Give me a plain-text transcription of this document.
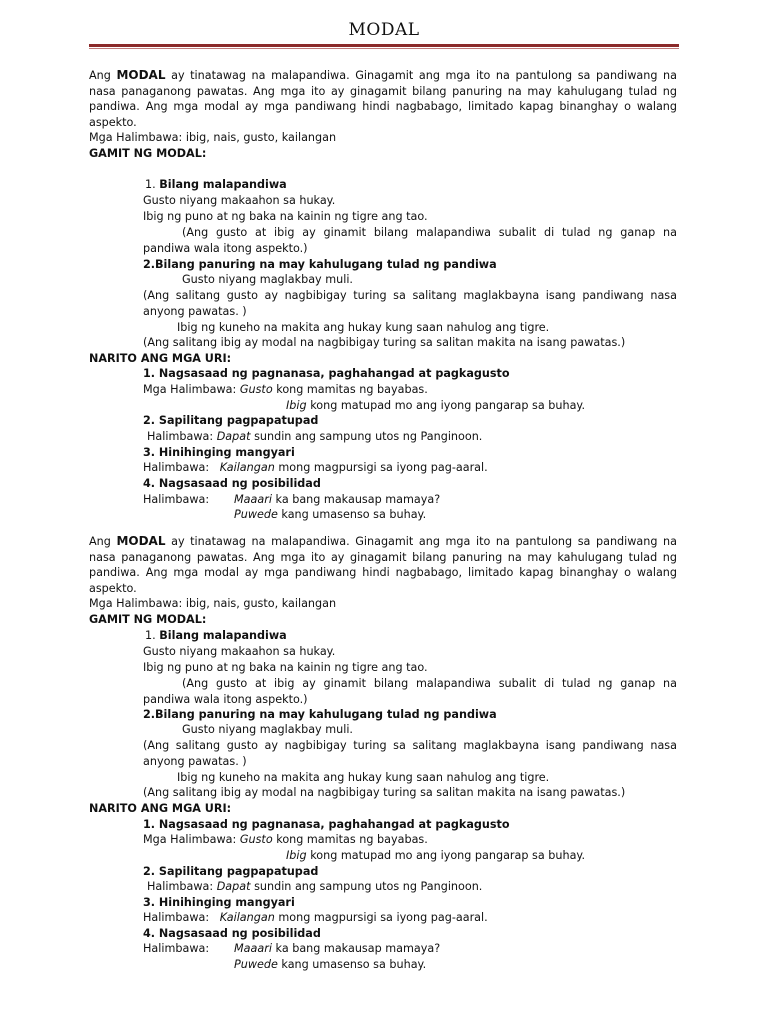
MODAL
Ang MODAL ay tinatawag na malapandiwa. Ginagamit ang mga ito na pantulong sa pandiwang na
nasa panaganong pawatas. Ang mga ito ay ginagamit bilang panuring na may kahulugang tulad ng
pandiwa. Ang mga modal ay mga pandiwang hindi nagbabago, limitado kapag binanghay o walang
aspekto.
Mga Halimbawa: ibig, nais, gusto, kailangan
GAMIT NG MODAL:
1. Bilang malapandiwa
Gusto niyang makaahon sa hukay.
Ibig ng puno at ng baka na kainin ng tigre ang tao.
(Ang gusto at ibig ay ginamit bilang malapandiwa subalit di tulad ng ganap na
pandiwa wala itong aspekto.)
2.Bilang panuring na may kahulugang tulad ng pandiwa
Gusto niyang maglakbay muli.
(Ang salitang gusto ay nagbibigay turing sa salitang maglakbayna isang pandiwang nasa
anyong pawatas. )
Ibig ng kuneho na makita ang hukay kung saan nahulog ang tigre.
(Ang salitang ibig ay modal na nagbibigay turing sa salitan makita na isang pawatas.)
NARITO ANG MGA URI:
1. Nagsasaad ng pagnanasa, paghahangad at pagkagusto
Mga Halimbawa: Gusto kong mamitas ng bayabas.
Ibig kong matupad mo ang iyong pangarap sa buhay.
2. Sapilitang pagpapatupad
Halimbawa: Dapat sundin ang sampung utos ng Panginoon.
3. Hinihinging mangyari
Halimbawa: Kailangan mong magpursigi sa iyong pag-aaral.
4. Nagsasaad ng posibilidad
Halimbawa: Maaari ka bang makausap mamaya?
Puwede kang umasenso sa buhay.
Ang MODAL ay tinatawag na malapandiwa. Ginagamit ang mga ito na pantulong sa pandiwang na
nasa panaganong pawatas. Ang mga ito ay ginagamit bilang panuring na may kahulugang tulad ng
pandiwa. Ang mga modal ay mga pandiwang hindi nagbabago, limitado kapag binanghay o walang
aspekto.
Mga Halimbawa: ibig, nais, gusto, kailangan
GAMIT NG MODAL:
1. Bilang malapandiwa
Gusto niyang makaahon sa hukay.
Ibig ng puno at ng baka na kainin ng tigre ang tao.
(Ang gusto at ibig ay ginamit bilang malapandiwa subalit di tulad ng ganap na
pandiwa wala itong aspekto.)
2.Bilang panuring na may kahulugang tulad ng pandiwa
Gusto niyang maglakbay muli.
(Ang salitang gusto ay nagbibigay turing sa salitang maglakbayna isang pandiwang nasa
anyong pawatas. )
Ibig ng kuneho na makita ang hukay kung saan nahulog ang tigre.
(Ang salitang ibig ay modal na nagbibigay turing sa salitan makita na isang pawatas.)
NARITO ANG MGA URI:
1. Nagsasaad ng pagnanasa, paghahangad at pagkagusto
Mga Halimbawa: Gusto kong mamitas ng bayabas.
Ibig kong matupad mo ang iyong pangarap sa buhay.
2. Sapilitang pagpapatupad
Halimbawa: Dapat sundin ang sampung utos ng Panginoon.
3. Hinihinging mangyari
Halimbawa: Kailangan mong magpursigi sa iyong pag-aaral.
4. Nagsasaad ng posibilidad
Halimbawa: Maaari ka bang makausap mamaya?
Puwede kang umasenso sa buhay.
